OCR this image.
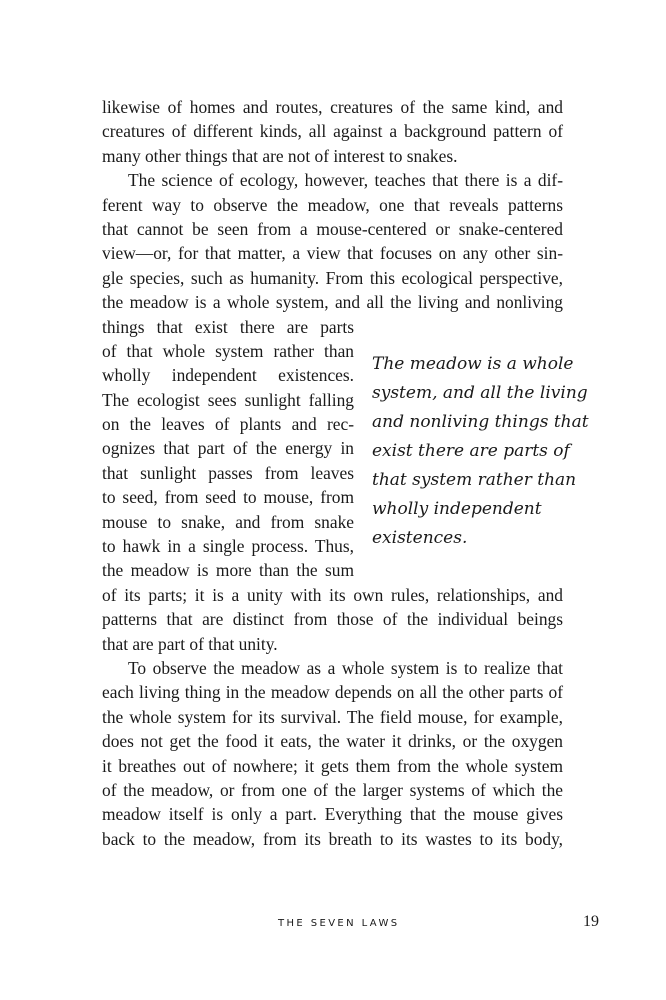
likewise of homes and routes, creatures of the same kind, and
creatures of different kinds, all against a background pattern of
many other things that are not of interest to snakes.
The science of ecology, however, teaches that there is a dif-
ferent way to observe the meadow, one that reveals patterns
that cannot be seen from a mouse-centered or snake-centered
view—or, for that matter, a view that focuses on any other sin-
gle species, such as humanity. From this ecological perspective,
the meadow is a whole system, and all the living and nonliving
things that exist there are parts
of that whole system rather than
wholly independent existences.
The ecologist sees sunlight falling
on the leaves of plants and rec-
ognizes that part of the energy in
that sunlight passes from leaves
to seed, from seed to mouse, from
mouse to snake, and from snake
to hawk in a single process. Thus,
the meadow is more than the sum
of its parts; it is a unity with its own rules, relationships, and
patterns that are distinct from those of the individual beings
that are part of that unity.
To observe the meadow as a whole system is to realize that
each living thing in the meadow depends on all the other parts of
the whole system for its survival. The field mouse, for example,
does not get the food it eats, the water it drinks, or the oxygen
it breathes out of nowhere; it gets them from the whole system
of the meadow, or from one of the larger systems of which the
meadow itself is only a part. Everything that the mouse gives
back to the meadow, from its breath to its wastes to its body,
The meadow is a whole
system, and all the living
and nonliving things that
exist there are parts of
that system rather than
wholly independent
existences.
THE SEVEN LAWS	19
